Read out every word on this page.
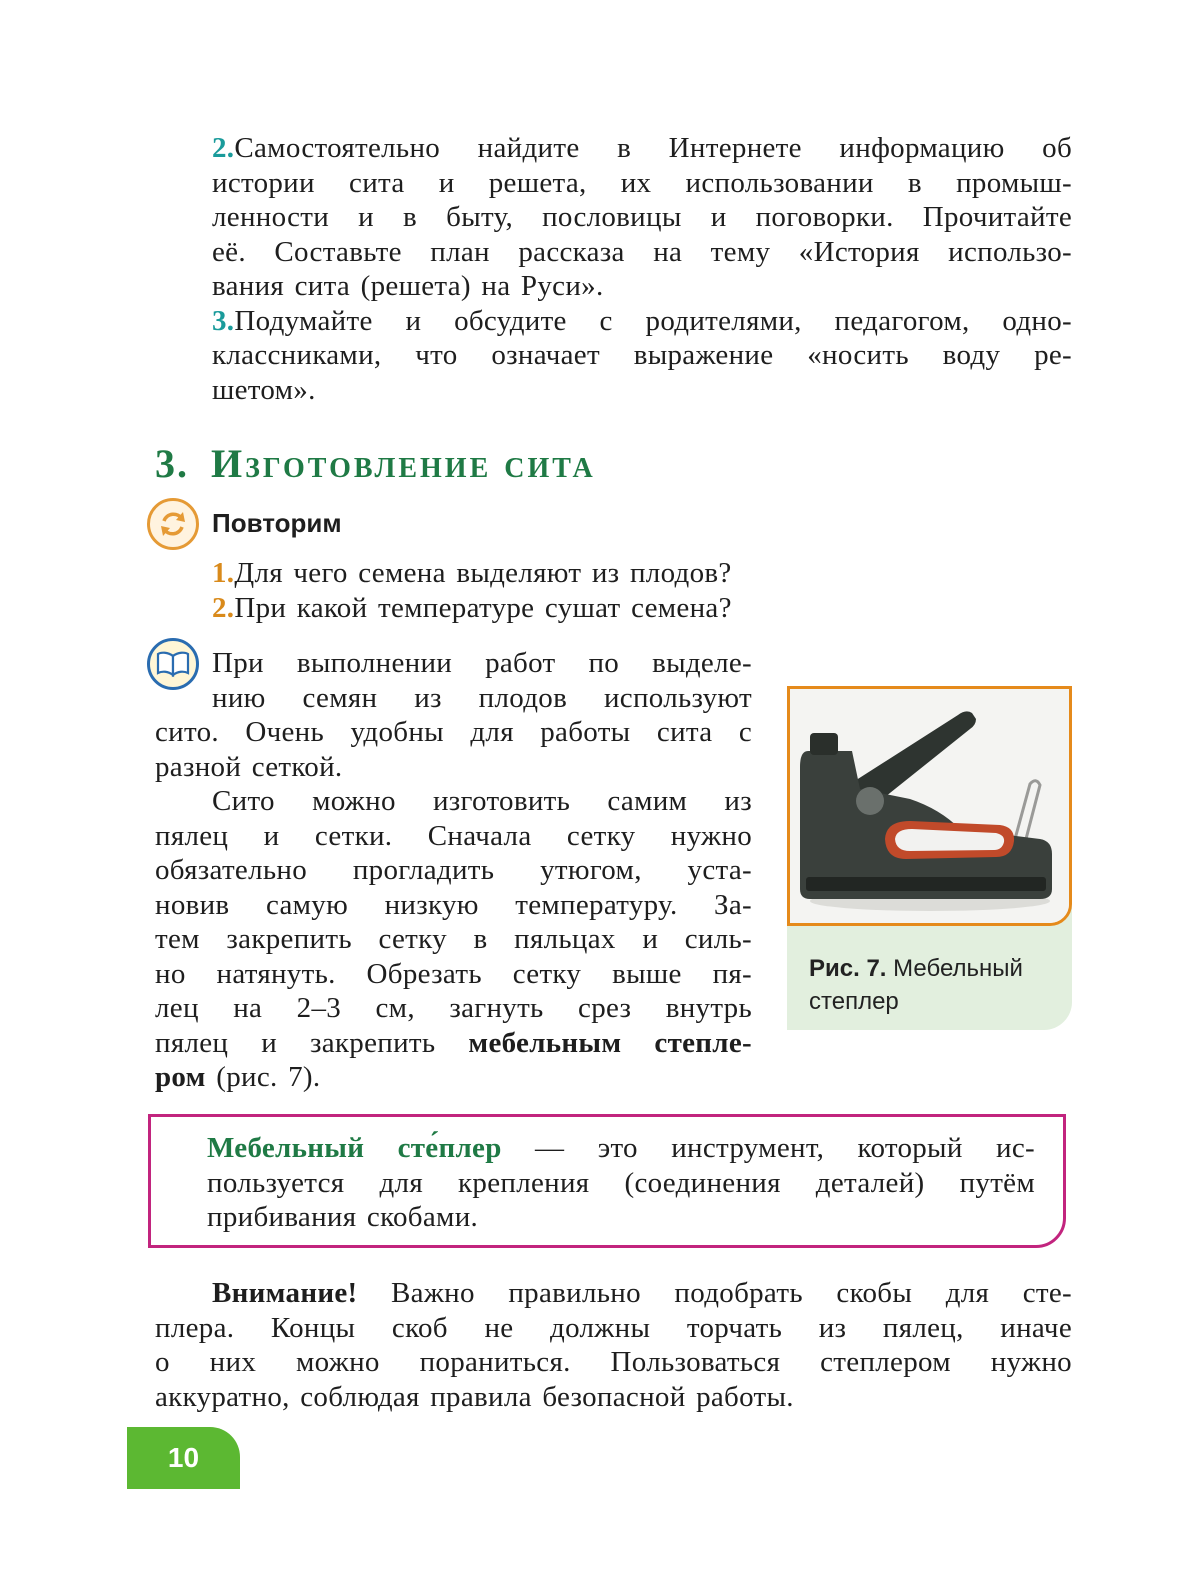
2.Самостоятельно найдите в Интернете информацию об
истории сита и решета, их использовании в промыш-
ленности и в быту, пословицы и поговорки. Прочитайте
её. Составьте план рассказа на тему «История использо-
вания сита (решета) на Руси».
3.Подумайте и обсудите с родителями, педагогом, одно-
классниками, что означает выражение «носить воду ре-
шетом».
3. Изготовление сита
Повторим
1.Для чего семена выделяют из плодов?
2.При какой температуре сушат семена?
При выполнении работ по выделе-
нию семян из плодов используют
сито. Очень удобны для работы сита с
разной сеткой.
Сито можно изготовить самим из
пялец и сетки. Сначала сетку нужно
обязательно прогладить утюгом, уста-
новив самую низкую температуру. За-
тем закрепить сетку в пяльцах и силь-
но натянуть. Обрезать сетку выше пя-
лец на 2–3 см, загнуть срез внутрь
пялец и закрепить мебельным степле-
ром (рис. 7).
Рис. 7. Мебельный степлер
Мебельный сте́плер — это инструмент, который ис-
пользуется для крепления (соединения деталей) путём
прибивания скобами.
Внимание! Важно правильно подобрать скобы для сте-
плера. Концы скоб не должны торчать из пялец, иначе
о них можно пораниться. Пользоваться степлером нужно
аккуратно, соблюдая правила безопасной работы.
10
